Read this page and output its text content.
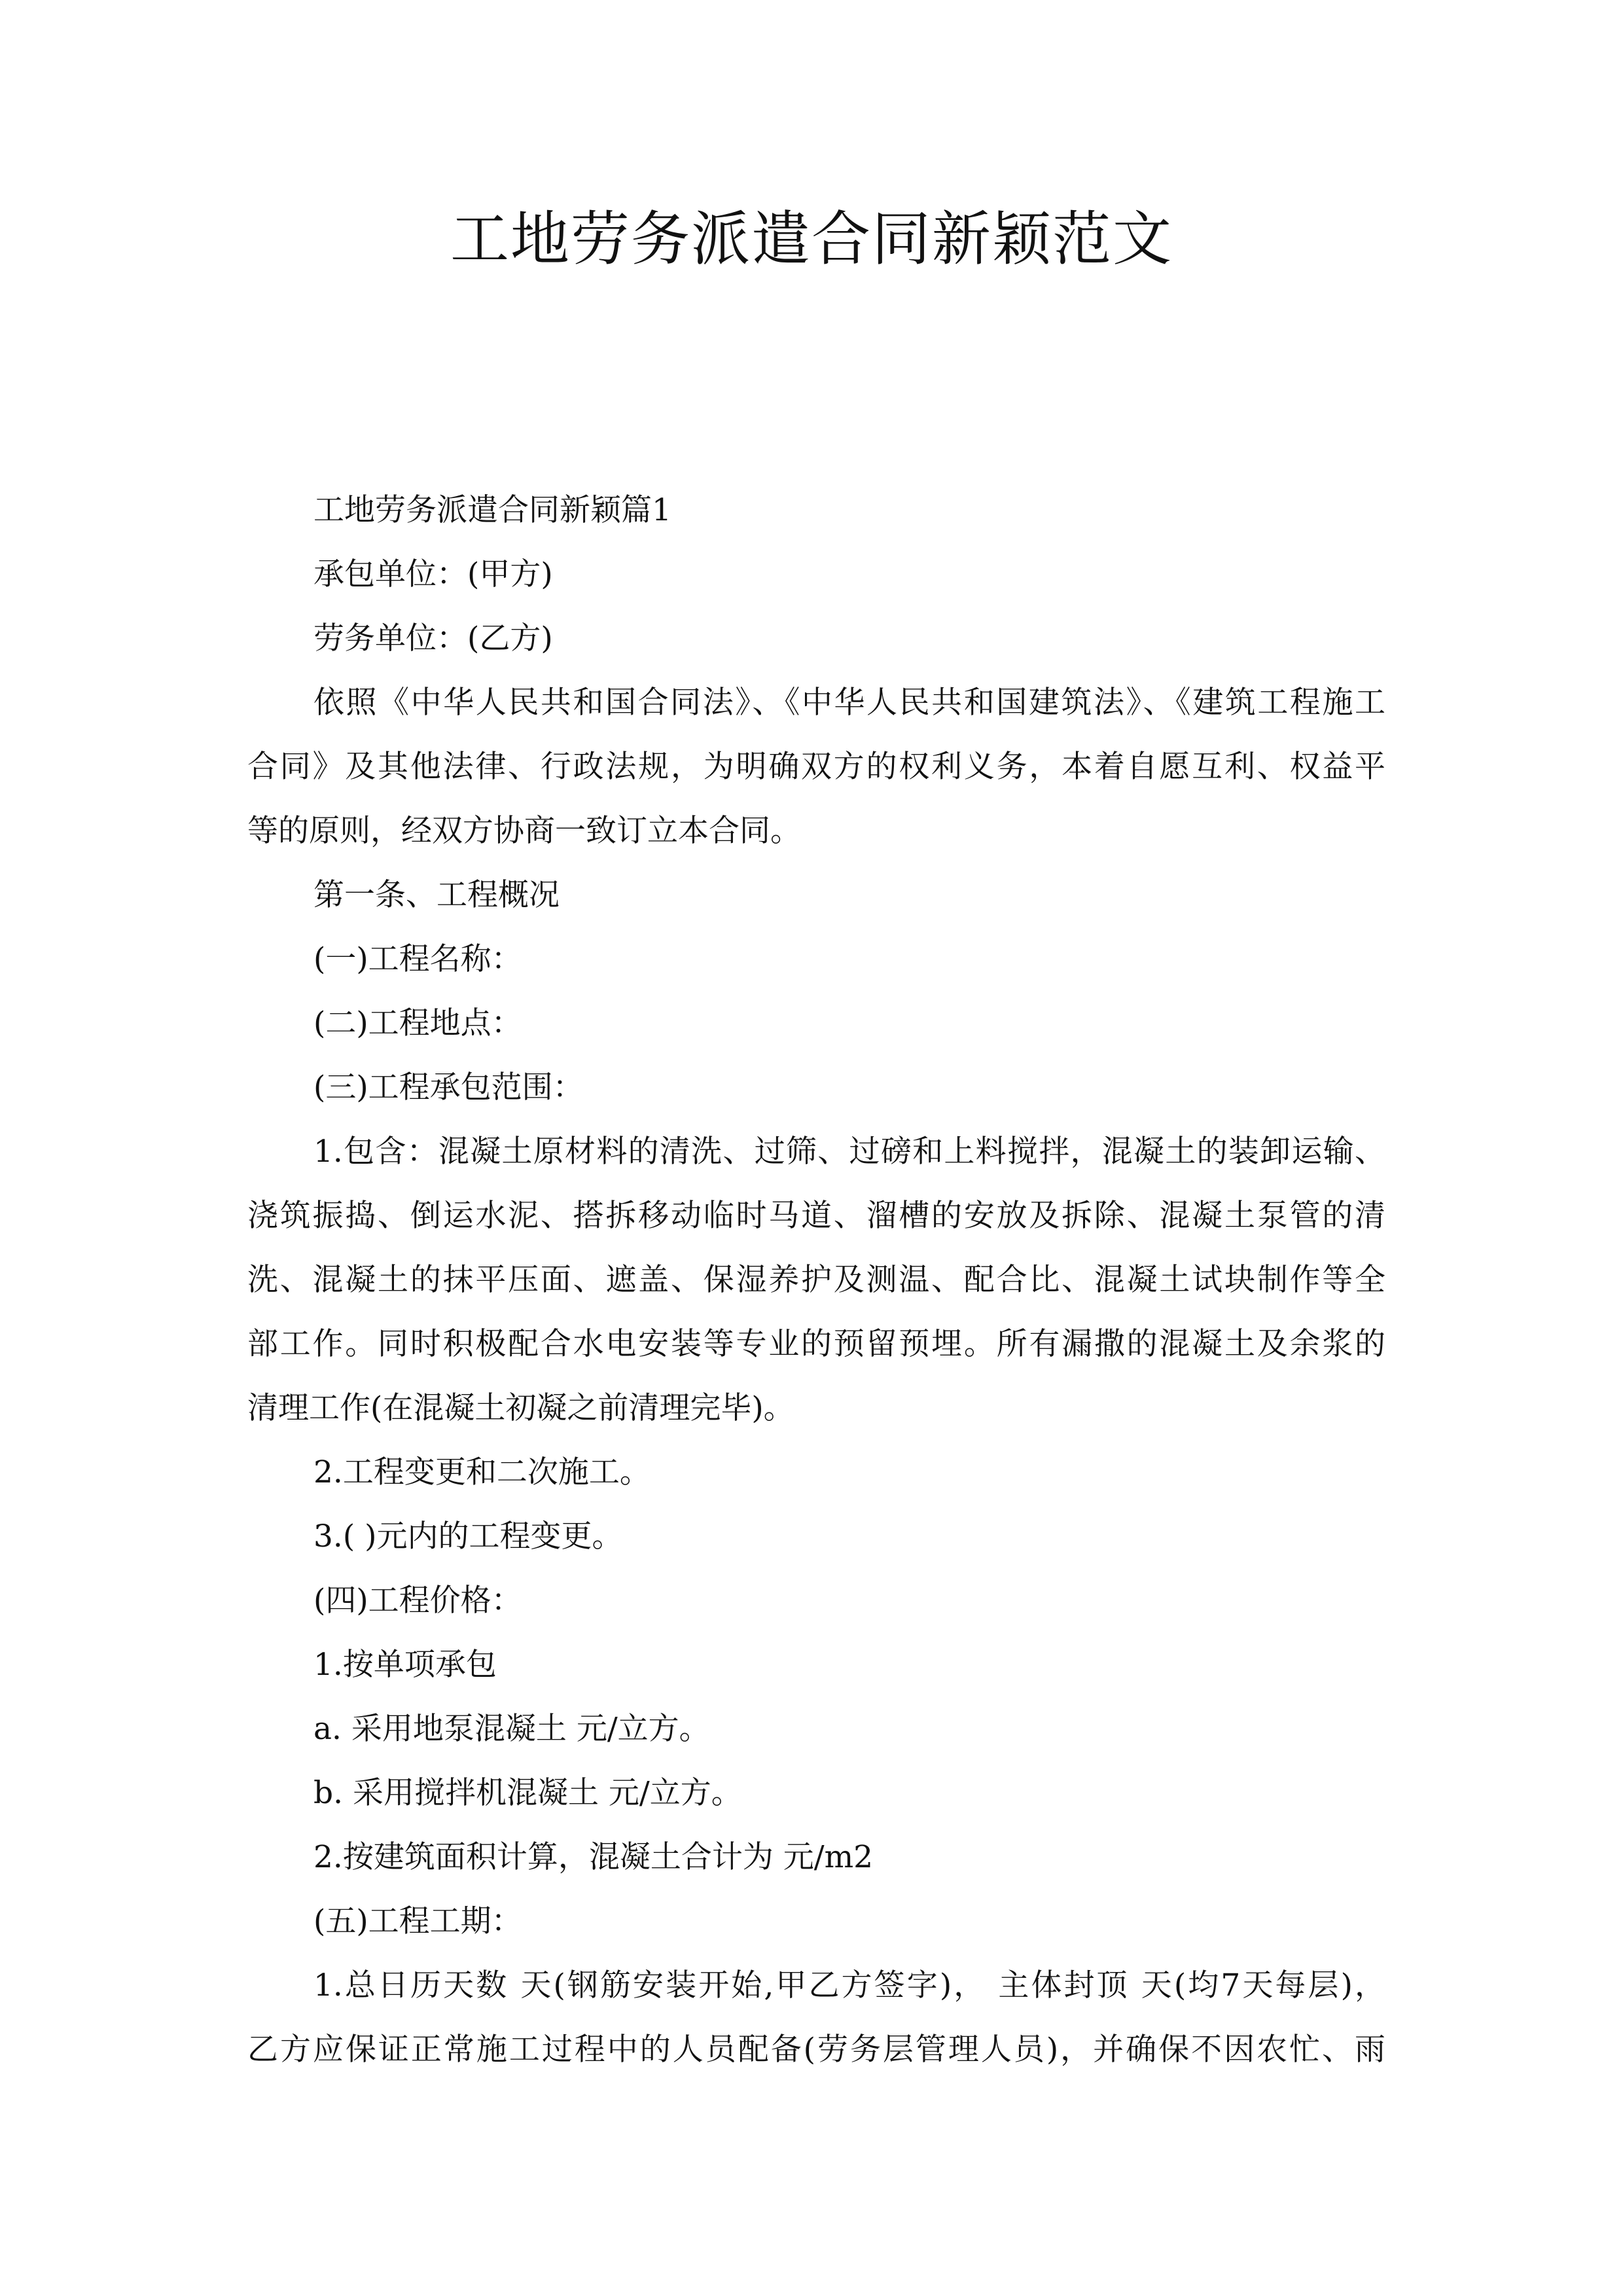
工地劳务派遣合同新颖范文
工地劳务派遣合同新颖篇1
承包单位：(甲方)
劳务单位：(乙方)
依照《中华人民共和国合同法》、《中华人民共和国建筑法》、《建筑工程施工
合同》及其他法律、行政法规，为明确双方的权利义务，本着自愿互利、权益平
等的原则，经双方协商一致订立本合同。
第一条、工程概况
(一)工程名称：
(二)工程地点：
(三)工程承包范围：
1.包含：混凝土原材料的清洗、过筛、过磅和上料搅拌，混凝土的装卸运输、
浇筑振捣、倒运水泥、搭拆移动临时马道、溜槽的安放及拆除、混凝土泵管的清
洗、混凝土的抹平压面、遮盖、保湿养护及测温、配合比、混凝土试块制作等全
部工作。同时积极配合水电安装等专业的预留预埋。所有漏撒的混凝土及余浆的
清理工作(在混凝土初凝之前清理完毕)。
2.工程变更和二次施工。
3.( )元内的工程变更。
(四)工程价格：
1.按单项承包
a. 采用地泵混凝土 元/立方。
b. 采用搅拌机混凝土 元/立方。
2.按建筑面积计算，混凝土合计为 元/m2
(五)工程工期：
1.总日历天数 天(钢筋安装开始,甲乙方签字)， 主体封顶 天(均7天每层)，
乙方应保证正常施工过程中的人员配备(劳务层管理人员)，并确保不因农忙、雨
